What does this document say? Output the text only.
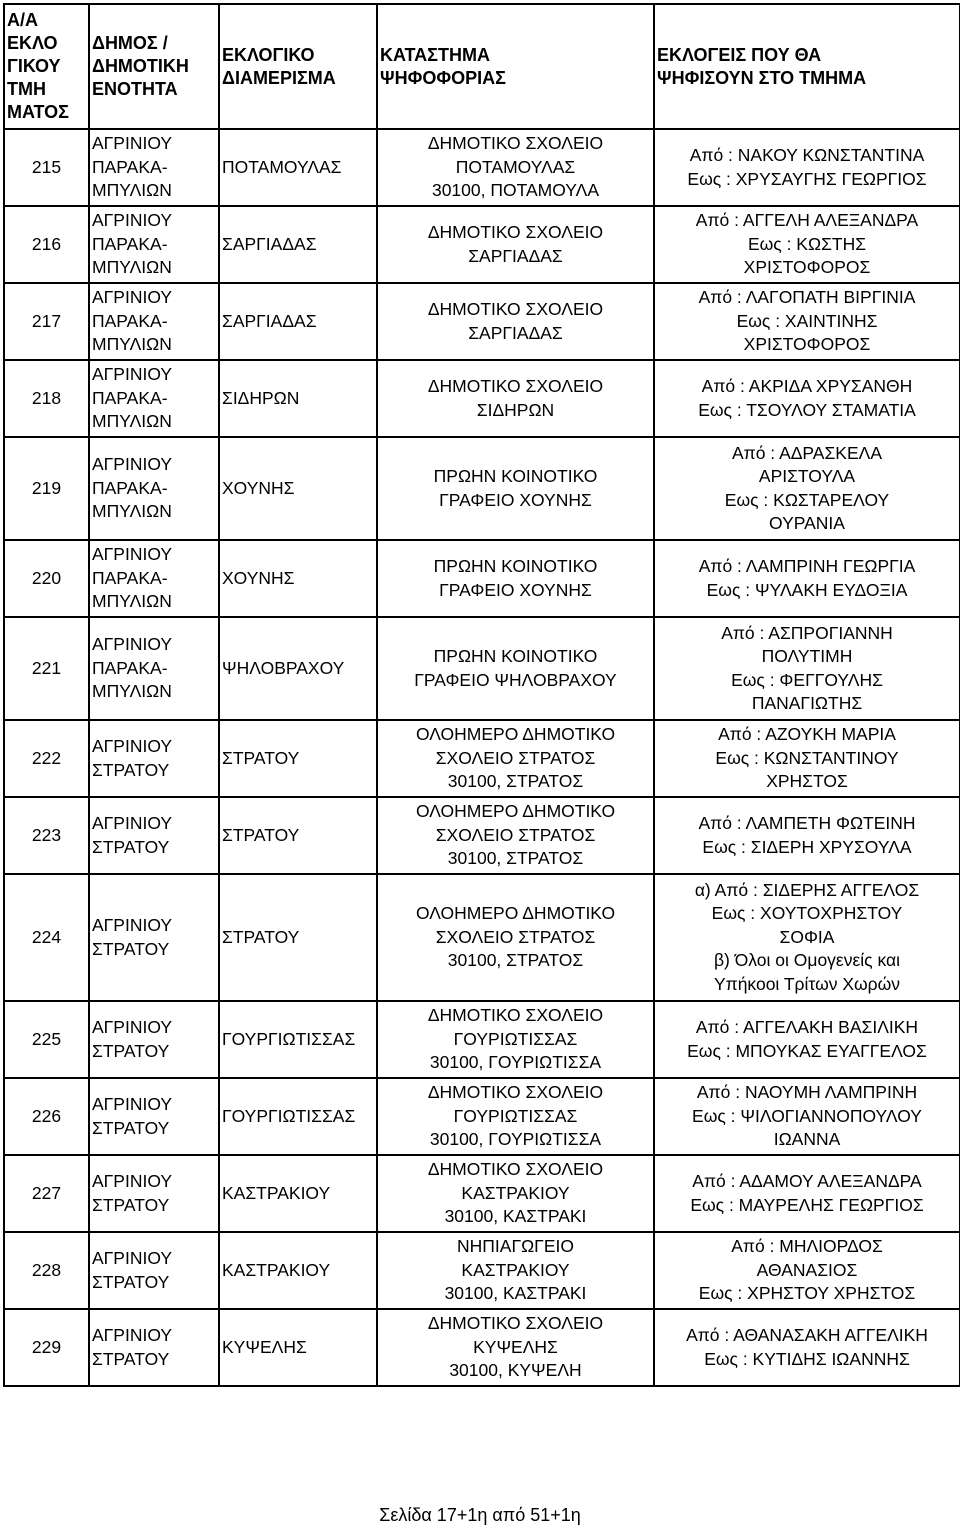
Α/Α
ΕΚΛΟ
ΓΙΚΟΥ
ΤΜΗ
ΜΑΤΟΣ	ΔΗΜΟΣ /
ΔΗΜΟΤΙΚΗ
ΕΝΟΤΗΤΑ	ΕΚΛΟΓΙΚΟ
ΔΙΑΜΕΡΙΣΜΑ	ΚΑΤΑΣΤΗΜΑ
ΨΗΦΟΦΟΡΙΑΣ	ΕΚΛΟΓΕΙΣ ΠΟΥ ΘΑ
ΨΗΦΙΣΟΥΝ ΣΤΟ ΤΜΗΜΑ

215	ΑΓΡΙΝΙΟΥ
ΠΑΡΑΚΑ-
ΜΠΥΛΙΩΝ	ΠΟΤΑΜΟΥΛΑΣ	ΔΗΜΟΤΙΚΟ ΣΧΟΛΕΙΟ
ΠΟΤΑΜΟΥΛΑΣ
30100, ΠΟΤΑΜΟΥΛΑ	Από : ΝΑΚΟΥ ΚΩΝΣΤΑΝΤΙΝΑ
Εως : ΧΡΥΣΑΥΓΗΣ ΓΕΩΡΓΙΟΣ

216	ΑΓΡΙΝΙΟΥ
ΠΑΡΑΚΑ-
ΜΠΥΛΙΩΝ	ΣΑΡΓΙΑΔΑΣ	ΔΗΜΟΤΙΚΟ ΣΧΟΛΕΙΟ
ΣΑΡΓΙΑΔΑΣ	Από : ΑΓΓΕΛΗ ΑΛΕΞΑΝΔΡΑ
Εως : ΚΩΣΤΗΣ
ΧΡΙΣΤΟΦΟΡΟΣ

217	ΑΓΡΙΝΙΟΥ
ΠΑΡΑΚΑ-
ΜΠΥΛΙΩΝ	ΣΑΡΓΙΑΔΑΣ	ΔΗΜΟΤΙΚΟ ΣΧΟΛΕΙΟ
ΣΑΡΓΙΑΔΑΣ	Από : ΛΑΓΟΠΑΤΗ ΒΙΡΓΙΝΙΑ
Εως : ΧΑΙΝΤΙΝΗΣ
ΧΡΙΣΤΟΦΟΡΟΣ

218	ΑΓΡΙΝΙΟΥ
ΠΑΡΑΚΑ-
ΜΠΥΛΙΩΝ	ΣΙΔΗΡΩΝ	ΔΗΜΟΤΙΚΟ ΣΧΟΛΕΙΟ
ΣΙΔΗΡΩΝ	Από : ΑΚΡΙΔΑ ΧΡΥΣΑΝΘΗ
Εως : ΤΣΟΥΛΟΥ ΣΤΑΜΑΤΙΑ

219	ΑΓΡΙΝΙΟΥ
ΠΑΡΑΚΑ-
ΜΠΥΛΙΩΝ	ΧΟΥΝΗΣ	ΠΡΩΗΝ ΚΟΙΝΟΤΙΚΟ
ΓΡΑΦΕΙΟ ΧΟΥΝΗΣ	Από : ΑΔΡΑΣΚΕΛΑ
ΑΡΙΣΤΟΥΛΑ
Εως : ΚΩΣΤΑΡΕΛΟΥ
ΟΥΡΑΝΙΑ

220	ΑΓΡΙΝΙΟΥ
ΠΑΡΑΚΑ-
ΜΠΥΛΙΩΝ	ΧΟΥΝΗΣ	ΠΡΩΗΝ ΚΟΙΝΟΤΙΚΟ
ΓΡΑΦΕΙΟ ΧΟΥΝΗΣ	Από : ΛΑΜΠΡΙΝΗ ΓΕΩΡΓΙΑ
Εως : ΨΥΛΑΚΗ ΕΥΔΟΞΙΑ

221	ΑΓΡΙΝΙΟΥ
ΠΑΡΑΚΑ-
ΜΠΥΛΙΩΝ	ΨΗΛΟΒΡΑΧΟΥ	ΠΡΩΗΝ ΚΟΙΝΟΤΙΚΟ
ΓΡΑΦΕΙΟ ΨΗΛΟΒΡΑΧΟΥ	Από : ΑΣΠΡΟΓΙΑΝΝΗ
ΠΟΛΥΤΙΜΗ
Εως : ΦΕΓΓΟΥΛΗΣ
ΠΑΝΑΓΙΩΤΗΣ

222	ΑΓΡΙΝΙΟΥ
ΣΤΡΑΤΟΥ	ΣΤΡΑΤΟΥ	ΟΛΟΗΜΕΡΟ ΔΗΜΟΤΙΚΟ
ΣΧΟΛΕΙΟ ΣΤΡΑΤΟΣ
30100, ΣΤΡΑΤΟΣ	Από : ΑΖΟΥΚΗ ΜΑΡΙΑ
Εως : ΚΩΝΣΤΑΝΤΙΝΟΥ
ΧΡΗΣΤΟΣ

223	ΑΓΡΙΝΙΟΥ
ΣΤΡΑΤΟΥ	ΣΤΡΑΤΟΥ	ΟΛΟΗΜΕΡΟ ΔΗΜΟΤΙΚΟ
ΣΧΟΛΕΙΟ ΣΤΡΑΤΟΣ
30100, ΣΤΡΑΤΟΣ	Από : ΛΑΜΠΕΤΗ ΦΩΤΕΙΝΗ
Εως : ΣΙΔΕΡΗ ΧΡΥΣΟΥΛΑ

224	ΑΓΡΙΝΙΟΥ
ΣΤΡΑΤΟΥ	ΣΤΡΑΤΟΥ	ΟΛΟΗΜΕΡΟ ΔΗΜΟΤΙΚΟ
ΣΧΟΛΕΙΟ ΣΤΡΑΤΟΣ
30100, ΣΤΡΑΤΟΣ	α) Από : ΣΙΔΕΡΗΣ ΑΓΓΕΛΟΣ
Εως : ΧΟΥΤΟΧΡΗΣΤΟΥ
ΣΟΦΙΑ
β) Όλοι οι Ομογενείς και
Υπήκοοι Τρίτων Χωρών

225	ΑΓΡΙΝΙΟΥ
ΣΤΡΑΤΟΥ	ΓΟΥΡΓΙΩΤΙΣΣΑΣ	ΔΗΜΟΤΙΚΟ ΣΧΟΛΕΙΟ
ΓΟΥΡΙΩΤΙΣΣΑΣ
30100, ΓΟΥΡΙΩΤΙΣΣΑ	Από : ΑΓΓΕΛΑΚΗ ΒΑΣΙΛΙΚΗ
Εως : ΜΠΟΥΚΑΣ ΕΥΑΓΓΕΛΟΣ

226	ΑΓΡΙΝΙΟΥ
ΣΤΡΑΤΟΥ	ΓΟΥΡΓΙΩΤΙΣΣΑΣ	ΔΗΜΟΤΙΚΟ ΣΧΟΛΕΙΟ
ΓΟΥΡΙΩΤΙΣΣΑΣ
30100, ΓΟΥΡΙΩΤΙΣΣΑ	Από : ΝΑΟΥΜΗ ΛΑΜΠΡΙΝΗ
Εως : ΨΙΛΟΓΙΑΝΝΟΠΟΥΛΟΥ
ΙΩΑΝΝΑ

227	ΑΓΡΙΝΙΟΥ
ΣΤΡΑΤΟΥ	ΚΑΣΤΡΑΚΙΟΥ	ΔΗΜΟΤΙΚΟ ΣΧΟΛΕΙΟ
ΚΑΣΤΡΑΚΙΟΥ
30100, ΚΑΣΤΡΑΚΙ	Από : ΑΔΑΜΟΥ ΑΛΕΞΑΝΔΡΑ
Εως : ΜΑΥΡΕΛΗΣ ΓΕΩΡΓΙΟΣ

228	ΑΓΡΙΝΙΟΥ
ΣΤΡΑΤΟΥ	ΚΑΣΤΡΑΚΙΟΥ	ΝΗΠΙΑΓΩΓΕΙΟ
ΚΑΣΤΡΑΚΙΟΥ
30100, ΚΑΣΤΡΑΚΙ	Από : ΜΗΛΙΟΡΔΟΣ
ΑΘΑΝΑΣΙΟΣ
Εως : ΧΡΗΣΤΟΥ ΧΡΗΣΤΟΣ

229	ΑΓΡΙΝΙΟΥ
ΣΤΡΑΤΟΥ	ΚΥΨΕΛΗΣ	ΔΗΜΟΤΙΚΟ ΣΧΟΛΕΙΟ
ΚΥΨΕΛΗΣ
30100, ΚΥΨΕΛΗ	Από : ΑΘΑΝΑΣΑΚΗ ΑΓΓΕΛΙΚΗ
Εως : ΚΥΤΙΔΗΣ ΙΩΑΝΝΗΣ
Σελίδα 17+1η από 51+1η
